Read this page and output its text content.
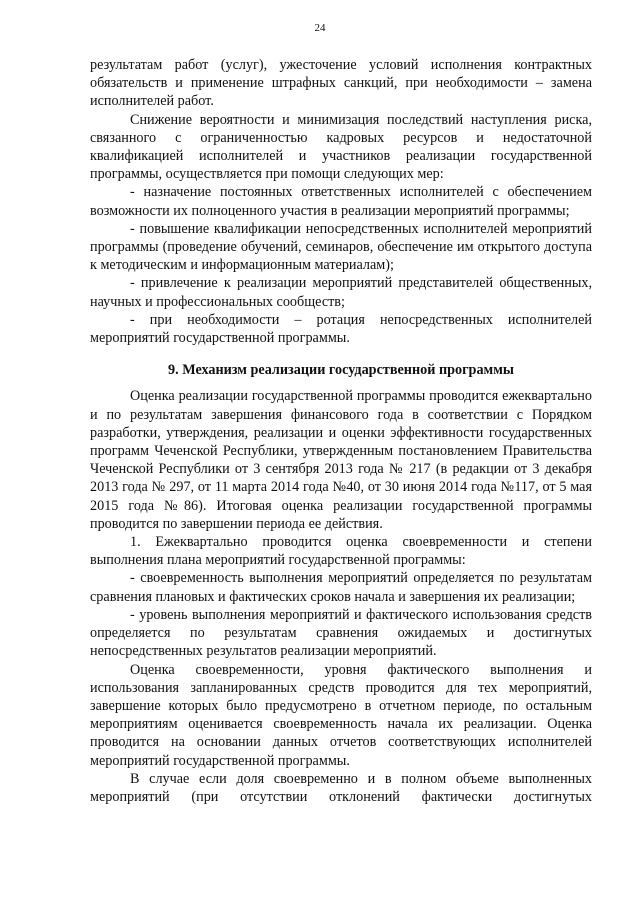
24

результатам работ (услуг), ужесточение условий исполнения контрактных обязательств и применение штрафных санкций, при необходимости – замена исполнителей работ.

Снижение вероятности и минимизация последствий наступления риска, связанного с ограниченностью кадровых ресурсов и недостаточной квалификацией исполнителей и участников реализации государственной программы, осуществляется при помощи следующих мер:

- назначение постоянных ответственных исполнителей с обеспечением возможности их полноценного участия в реализации мероприятий программы;

- повышение квалификации непосредственных исполнителей мероприятий программы (проведение обучений, семинаров, обеспечение им открытого доступа к методическим и информационным материалам);

- привлечение к реализации мероприятий представителей общественных, научных и профессиональных сообществ;

- при необходимости – ротация непосредственных исполнителей мероприятий государственной программы.

9. Механизм реализации государственной программы

Оценка реализации государственной программы проводится ежеквартально и по результатам завершения финансового года в соответствии с Порядком разработки, утверждения, реализации и оценки эффективности государственных программ Чеченской Республики, утвержденным постановлением Правительства Чеченской Республики от 3 сентября 2013 года № 217 (в редакции от 3 декабря 2013 года № 297, от 11 марта 2014 года №40, от 30 июня 2014 года №117, от 5 мая 2015 года №86). Итоговая оценка реализации государственной программы проводится по завершении периода ее действия.

1. Ежеквартально проводится оценка своевременности и степени выполнения плана мероприятий государственной программы:

- своевременность выполнения мероприятий определяется по результатам сравнения плановых и фактических сроков начала и завершения их реализации;

- уровень выполнения мероприятий и фактического использования средств определяется по результатам сравнения ожидаемых и достигнутых непосредственных результатов реализации мероприятий.

Оценка своевременности, уровня фактического выполнения и использования запланированных средств проводится для тех мероприятий, завершение которых было предусмотрено в отчетном периоде, по остальным мероприятиям оценивается своевременность начала их реализации. Оценка проводится на основании данных отчетов соответствующих исполнителей мероприятий государственной программы.

В случае если доля своевременно и в полном объеме выполненных мероприятий (при отсутствии отклонений фактически достигнутых
